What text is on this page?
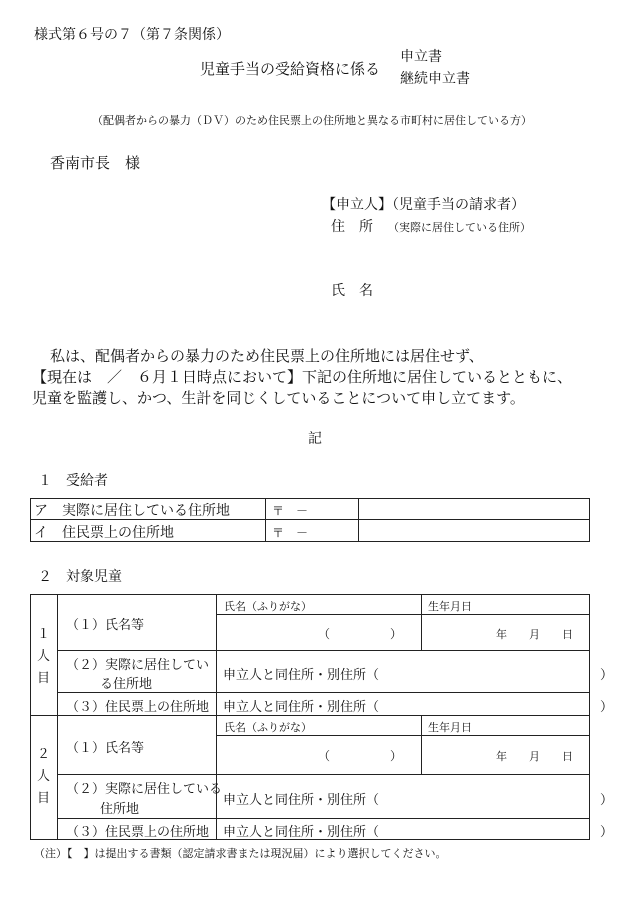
様式第６号の７（第７条関係）
児童手当の受給資格に係る
申立書
継続申立書
（配偶者からの暴力（ＤＶ）のため住民票上の住所地と異なる市町村に居住している方）
香南市長　様
【申立人】（児童手当の請求者）
住　所 （実際に居住している住所）
氏　名
私は、配偶者からの暴力のため住民票上の住所地には居住せず、
【現在は　／　６月１日時点において】下記の住所地に居住しているとともに、
児童を監護し、かつ、生計を同じくしていることについて申し立てます。
記
１　受給者
ア　実際に居住している住所地	〒　－
イ　住民票上の住所地	〒　－
２　対象児童
１
人
目
（１）氏名等
氏名（ふりがな）	生年月日
（　　　　　）	年　　月　　日
（２）実際に居住してい
る住所地
申立人と同住所・別住所（　　　　　　　　　　　　　　　　　）
（３）住民票上の住所地 申立人と同住所・別住所（　　　　　　　　　　　　　　　　　）
２
人
目
（１）氏名等
氏名（ふりがな）	生年月日
（　　　　　）	年　　月　　日
（２）実際に居住している
住所地
申立人と同住所・別住所（　　　　　　　　　　　　　　　　　）
（３）住民票上の住所地 申立人と同住所・別住所（　　　　　　　　　　　　　　　　　）
（注）【　】は提出する書類（認定請求書または現況届）により選択してください。
